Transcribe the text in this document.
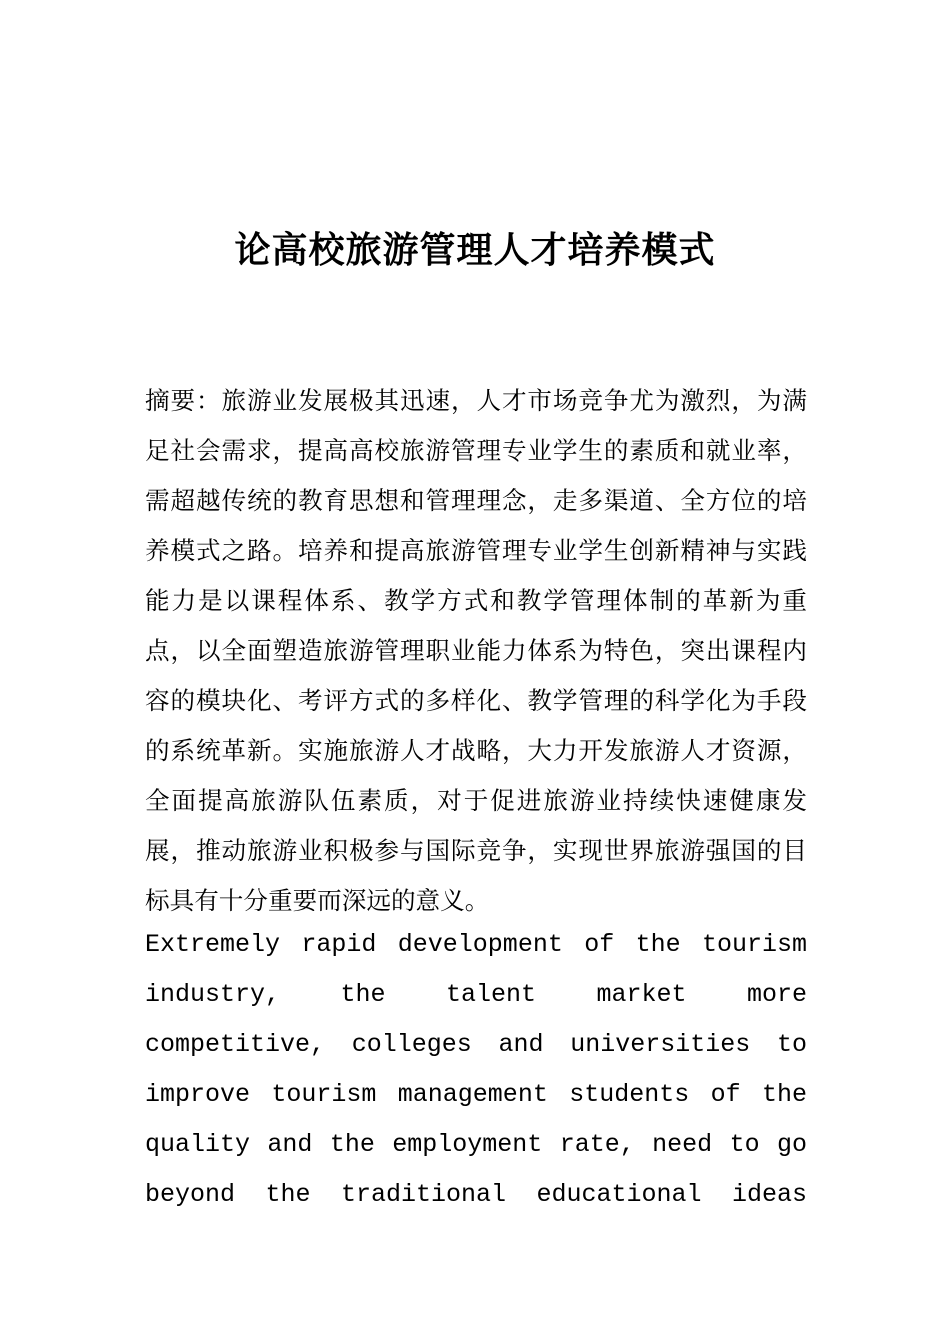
论高校旅游管理人才培养模式

摘要：旅游业发展极其迅速，人才市场竞争尤为激烈，为满足社会需求，提高高校旅游管理专业学生的素质和就业率，需超越传统的教育思想和管理理念，走多渠道、全方位的培养模式之路。培养和提高旅游管理专业学生创新精神与实践能力是以课程体系、教学方式和教学管理体制的革新为重点，以全面塑造旅游管理职业能力体系为特色，突出课程内容的模块化、考评方式的多样化、教学管理的科学化为手段的系统革新。实施旅游人才战略，大力开发旅游人才资源，全面提高旅游队伍素质，对于促进旅游业持续快速健康发展，推动旅游业积极参与国际竞争，实现世界旅游强国的目标具有十分重要而深远的意义。

Extremely rapid development of the tourism industry, the talent market more competitive, colleges and universities to improve tourism management students of the quality and the employment rate, need to go beyond the traditional educational ideas
